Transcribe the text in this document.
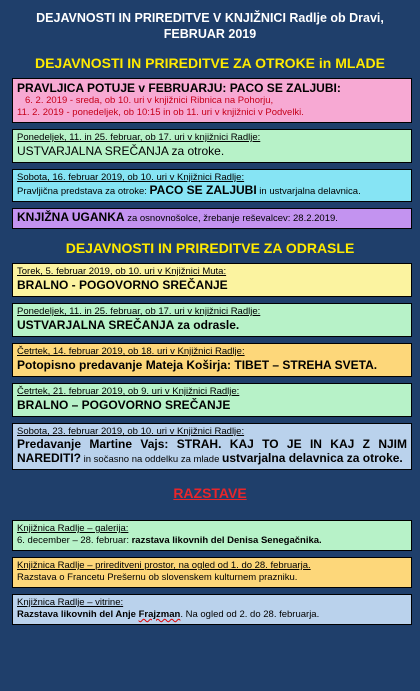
DEJAVNOSTI IN PRIREDITVE V KNJIŽNICI Radlje ob Dravi,
FEBRUAR 2019
DEJAVNOSTI IN PRIREDITVE ZA OTROKE in MLADE
PRAVLJICA POTUJE v FEBRUARJU: PACO SE ZALJUBI:
6. 2. 2019 - sreda, ob 10. uri v knjižnici Ribnica na Pohorju,
11. 2. 2019 - ponedeljek, ob 10:15 in ob 11. uri v knjižnici v Podvelki.
Ponedeljek, 11. in 25. februar, ob 17. uri v knjižnici Radlje:
USTVARJALNA SREČANJA za otroke.
Sobota, 16. februar 2019, ob 10. uri v Knjižnici Radlje:
Pravljična predstava za otroke: PACO SE ZALJUBI in ustvarjalna delavnica.
KNJIŽNA UGANKA za osnovnošolce, žrebanje reševalcev: 28.2.2019.
DEJAVNOSTI IN PRIREDITVE ZA ODRASLE
Torek, 5. februar 2019, ob 10. uri v Knjižnici Muta:
BRALNO - POGOVORNO SREČANJE
Ponedeljek, 11. in 25. februar, ob 17. uri v knjižnici Radlje:
USTVARJALNA SREČANJA za odrasle.
Četrtek, 14. februar 2019, ob 18. uri v Knjižnici Radlje:
Potopisno predavanje Mateja Koširja: TIBET – STREHA SVETA.
Četrtek, 21. februar 2019, ob 9. uri v Knjižnici Radlje:
BRALNO – POGOVORNO SREČANJE
Sobota, 23. februar 2019, ob 10. uri v Knjižnici Radlje:
Predavanje Martine Vajs: STRAH. KAJ TO JE IN KAJ Z NJIM NAREDITI? in sočasno na oddelku za mlade ustvarjalna delavnica za otroke.
RAZSTAVE
Knjižnica Radlje – galerija:
6. december – 28. februar: razstava likovnih del Denisa Senegačnika.
Knjižnica Radlje – prireditveni prostor, na ogled od 1. do 28. februarja.
Razstava o Francetu Prešernu ob slovenskem kulturnem prazniku.
Knjižnica Radlje – vitrine:
Razstava likovnih del Anje Frajzman. Na ogled od 2. do 28. februarja.
